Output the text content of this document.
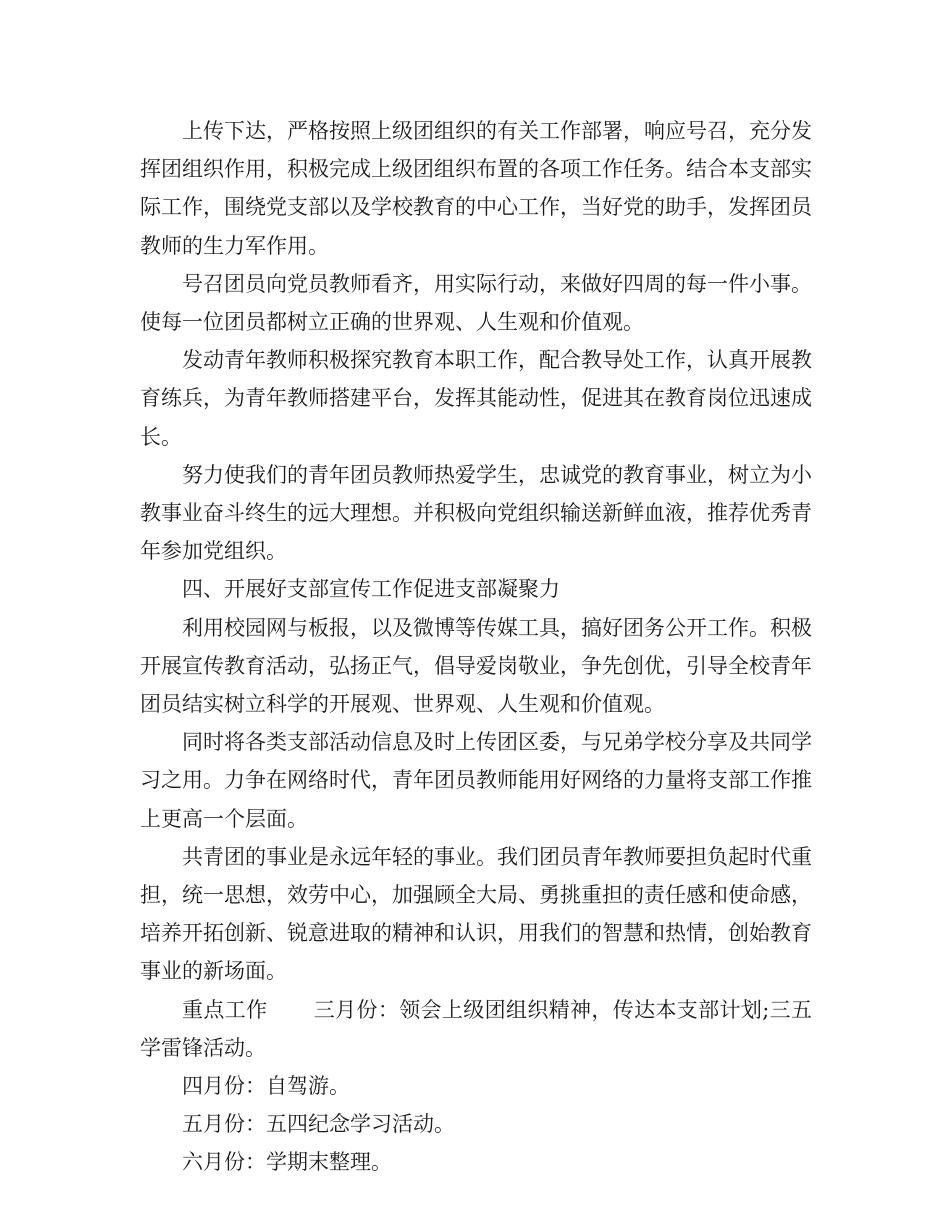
上传下达，严格按照上级团组织的有关工作部署，响应号召，充分发挥团组织作用，积极完成上级团组织布置的各项工作任务。结合本支部实际工作，围绕党支部以及学校教育的中心工作，当好党的助手，发挥团员教师的生力军作用。

号召团员向党员教师看齐，用实际行动，来做好四周的每一件小事。使每一位团员都树立正确的世界观、人生观和价值观。

发动青年教师积极探究教育本职工作，配合教导处工作，认真开展教育练兵，为青年教师搭建平台，发挥其能动性，促进其在教育岗位迅速成长。

努力使我们的青年团员教师热爱学生，忠诚党的教育事业，树立为小教事业奋斗终生的远大理想。并积极向党组织输送新鲜血液，推荐优秀青年参加党组织。

四、开展好支部宣传工作促进支部凝聚力

利用校园网与板报，以及微博等传媒工具，搞好团务公开工作。积极开展宣传教育活动，弘扬正气，倡导爱岗敬业，争先创优，引导全校青年团员结实树立科学的开展观、世界观、人生观和价值观。

同时将各类支部活动信息及时上传团区委，与兄弟学校分享及共同学习之用。力争在网络时代，青年团员教师能用好网络的力量将支部工作推上更高一个层面。

共青团的事业是永远年轻的事业。我们团员青年教师要担负起时代重担，统一思想，效劳中心，加强顾全大局、勇挑重担的责任感和使命感，培养开拓创新、锐意进取的精神和认识，用我们的智慧和热情，创始教育事业的新场面。

重点工作 三月份：领会上级团组织精神，传达本支部计划;三五学雷锋活动。

四月份：自驾游。

五月份：五四纪念学习活动。

六月份：学期末整理。
